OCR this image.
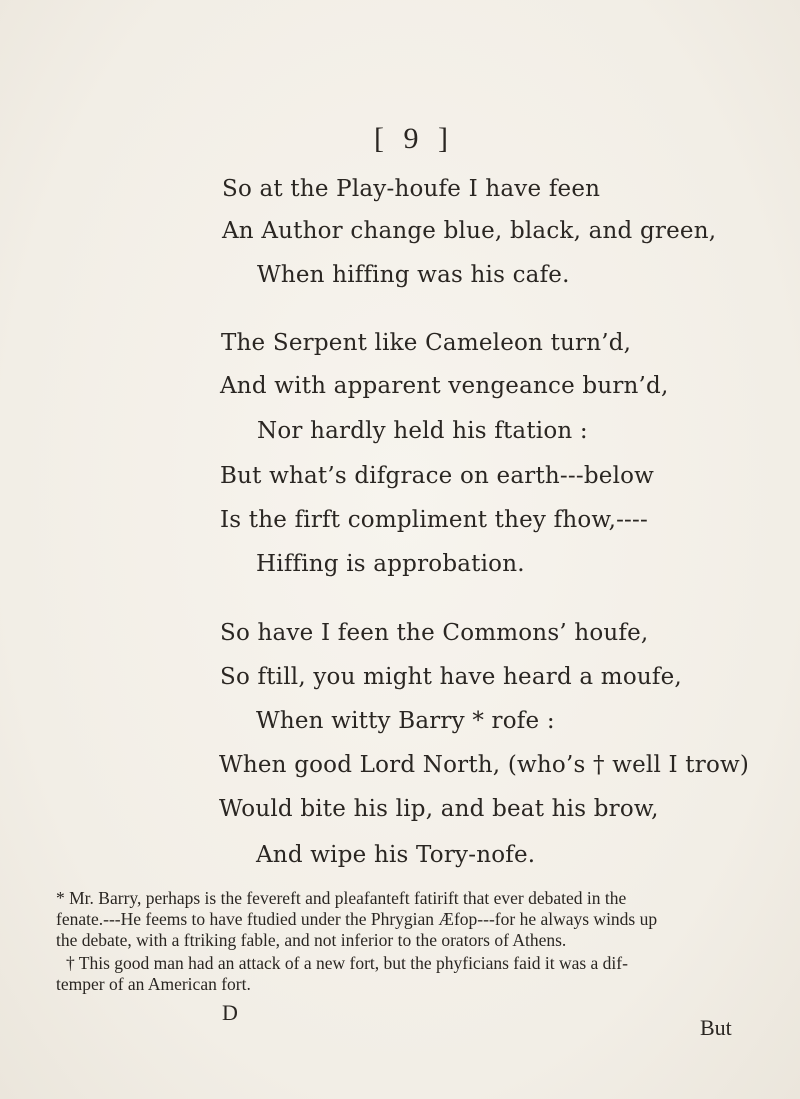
[ 9 ]
So at the Play-houfe I have feen
An Author change blue, black, and green,
When hiffing was his cafe.
The Serpent like Cameleon turn’d,
And with apparent vengeance burn’d,
Nor hardly held his ftation :
But what’s difgrace on earth---below
Is the firft compliment they fhow,----
Hiffing is approbation.
So have I feen the Commons’ houfe,
So ftill, you might have heard a moufe,
When witty Barry * rofe :
When good Lord North, (who’s † well I trow)
Would bite his lip, and beat his brow,
And wipe his Tory-nofe.
* Mr. Barry, perhaps is the fevereft and pleafanteft fatirift that ever debated in the
fenate.---He feems to have ftudied under the Phrygian Æfop---for he always winds up
the debate, with a ftriking fable, and not inferior to the orators of Athens.
† This good man had an attack of a new fort, but the phyficians faid it was a dif-
temper of an American fort.
D
But
